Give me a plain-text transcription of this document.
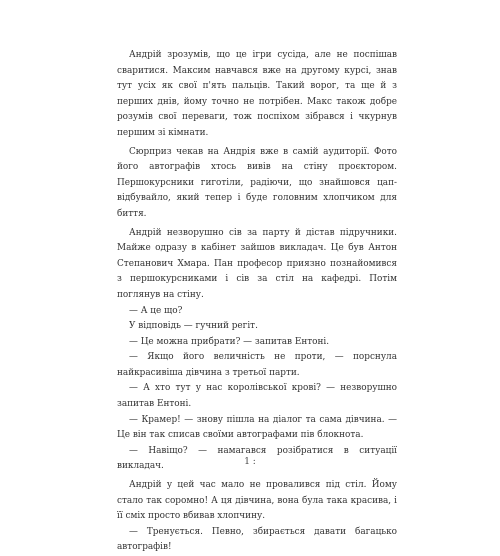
Андрій зрозумів, що це ігри сусіда, але не поспішав сваритися. Максим навчався вже на другому курсі, знав тут усіх як свої п'ять пальців. Такий ворог, та ще й з перших днів, йому точно не потрібен. Макс також добре розумів свої переваги, тож поспіхом зібрався і чкурнув першим зі кімнати.

Сюрприз чекав на Андрія вже в самій аудиторії. Фото його автографів хтось вивів на стіну проєктором. Першокурсники гиготіли, радіючи, що знайшовся цап-відбувайло, який тепер і буде головним хлопчиком для биття.

Андрій незворушно сів за парту й дістав підручники. Майже одразу в кабінет зайшов викладач. Це був Антон Степанович Хмара. Пан професор приязно познайомився з першокурсниками і сів за стіл на кафедрі. Потім поглянув на стіну.

— А це що?

У відповідь — гучний регіт.

— Це можна прибрати? — запитав Ентоні.

— Якщо його величність не проти, — порснула найкрасивіша дівчина з третьої парти.

— А хто тут у нас королівської крові? — незворушно запитав Ентоні.

— Крамер! — знову пішла на діалог та сама дівчина. — Це він так списав своїми автографами пів блокнота.

— Навіщо? — намагався розібратися в ситуації викладач.

Андрій у цей час мало не провалився під стіл. Йому стало так соромно! А ця дівчина, вона була така красива, і її сміх просто вбивав хлопчину.

— Тренується. Певно, збирається давати багацько автографів!

1 :
